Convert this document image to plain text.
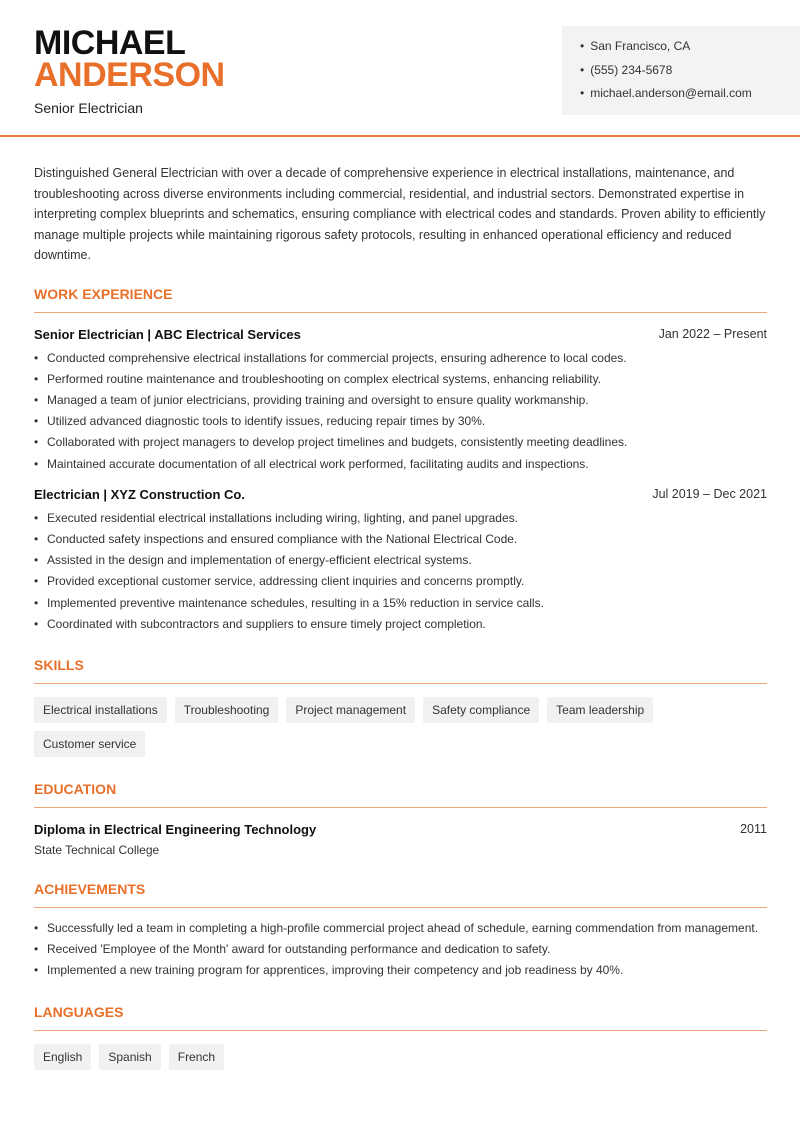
MICHAEL
ANDERSON
Senior Electrician
• San Francisco, CA
• (555) 234-5678
• michael.anderson@email.com

Distinguished General Electrician with over a decade of comprehensive experience in electrical installations, maintenance, and troubleshooting across diverse environments including commercial, residential, and industrial sectors. Demonstrated expertise in interpreting complex blueprints and schematics, ensuring compliance with electrical codes and standards. Proven ability to efficiently manage multiple projects while maintaining rigorous safety protocols, resulting in enhanced operational efficiency and reduced downtime.

WORK EXPERIENCE
Senior Electrician | ABC Electrical Services	Jan 2022 – Present
• Conducted comprehensive electrical installations for commercial projects, ensuring adherence to local codes.
• Performed routine maintenance and troubleshooting on complex electrical systems, enhancing reliability.
• Managed a team of junior electricians, providing training and oversight to ensure quality workmanship.
• Utilized advanced diagnostic tools to identify issues, reducing repair times by 30%.
• Collaborated with project managers to develop project timelines and budgets, consistently meeting deadlines.
• Maintained accurate documentation of all electrical work performed, facilitating audits and inspections.
Electrician | XYZ Construction Co.	Jul 2019 – Dec 2021
• Executed residential electrical installations including wiring, lighting, and panel upgrades.
• Conducted safety inspections and ensured compliance with the National Electrical Code.
• Assisted in the design and implementation of energy-efficient electrical systems.
• Provided exceptional customer service, addressing client inquiries and concerns promptly.
• Implemented preventive maintenance schedules, resulting in a 15% reduction in service calls.
• Coordinated with subcontractors and suppliers to ensure timely project completion.
SKILLS
Electrical installations	Troubleshooting	Project management	Safety compliance	Team leadership
Customer service
EDUCATION
Diploma in Electrical Engineering Technology	2011
State Technical College
ACHIEVEMENTS
• Successfully led a team in completing a high-profile commercial project ahead of schedule, earning commendation from management.
• Received 'Employee of the Month' award for outstanding performance and dedication to safety.
• Implemented a new training program for apprentices, improving their competency and job readiness by 40%.
LANGUAGES
English	Spanish	French
